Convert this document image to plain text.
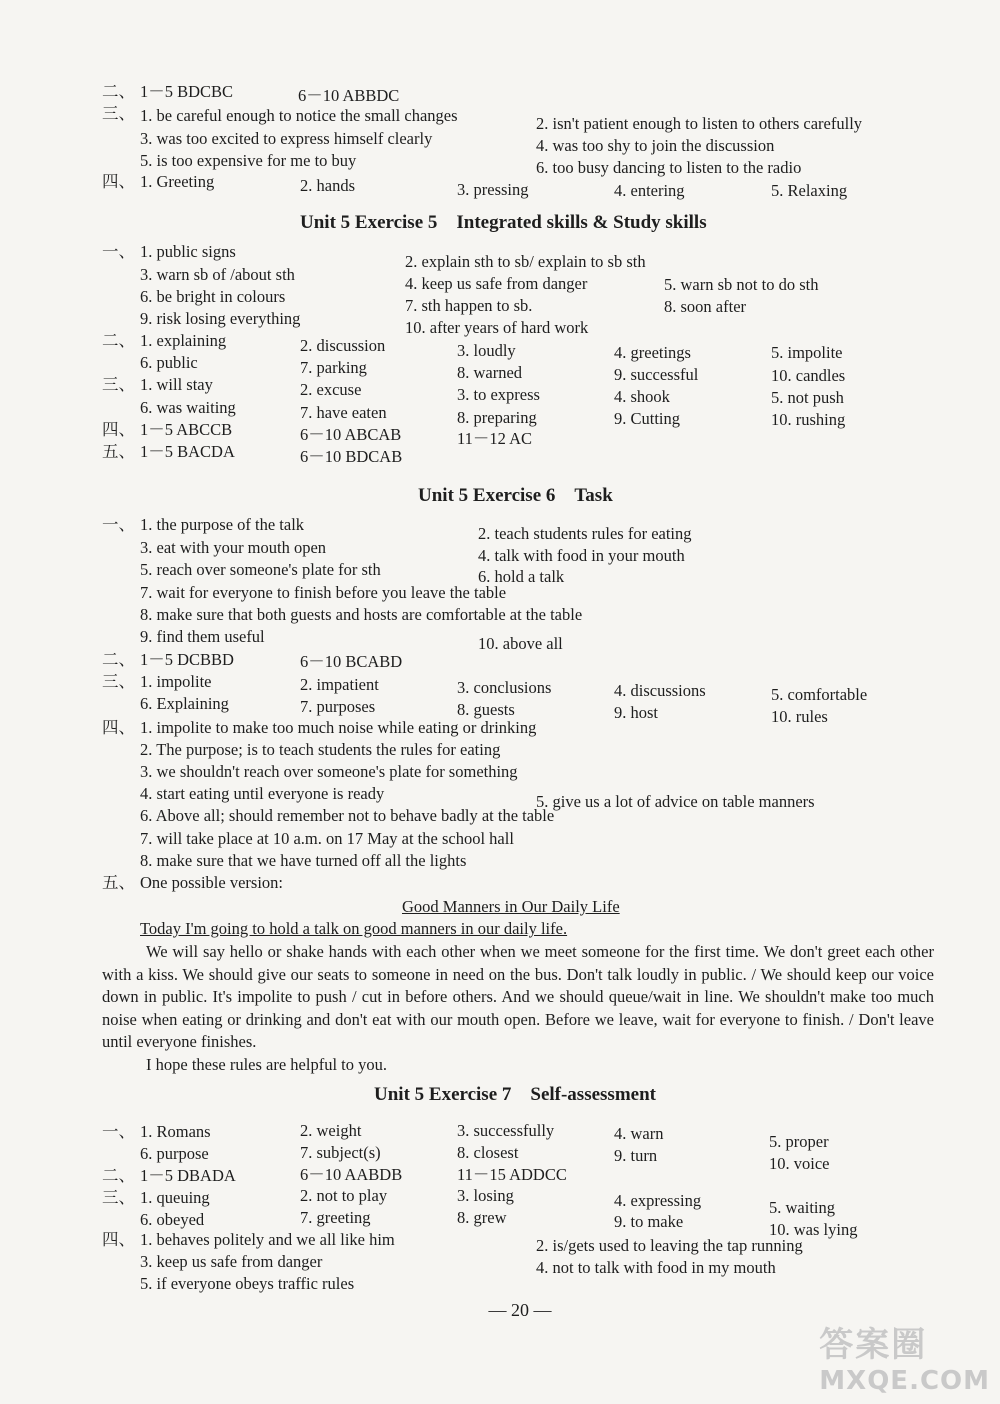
二、 1－5 BDCBC	6－10 ABBDC
三、 1. be careful enough to notice the small changes	2. isn't patient enough to listen to others carefully
3. was too excited to express himself clearly	4. was too shy to join the discussion
5. is too expensive for me to buy	6. too busy dancing to listen to the radio
四、 1. Greeting	2. hands	3. pressing	4. entering	5. Relaxing
Unit 5 Exercise 5　Integrated skills & Study skills
一、 1. public signs
2. explain sth to sb/ explain to sb sth
3. warn sb of /about sth	4. keep us safe from danger	5. warn sb not to do sth
6. be bright in colours	7. sth happen to sb.	8. soon after
9. risk losing everything	10. after years of hard work
二、 1. explaining	2. discussion	3. loudly	4. greetings	5. impolite
6. public	7. parking	8. warned	9. successful	10. candles
三、 1. will stay	2. excuse	3. to express	4. shook	5. not push
6. was waiting	7. have eaten	8. preparing	9. Cutting	10. rushing
四、 1－5 ABCCB	6－10 ABCAB	11－12 AC
五、 1－5 BACDA	6－10 BDCAB
Unit 5 Exercise 6　Task
一、 1. the purpose of the talk	2. teach students rules for eating
3. eat with your mouth open	4. talk with food in your mouth
5. reach over someone's plate for sth	6. hold a talk
7. wait for everyone to finish before you leave the table
8. make sure that both guests and hosts are comfortable at the table
9. find them useful	10. above all
二、 1－5 DCBBD	6－10 BCABD
三、 1. impolite	2. impatient	3. conclusions	4. discussions	5. comfortable
6. Explaining	7. purposes	8. guests	9. host	10. rules
四、 1. impolite to make too much noise while eating or drinking
2. The purpose; is to teach students the rules for eating
3. we shouldn't reach over someone's plate for something
4. start eating until everyone is ready	5. give us a lot of advice on table manners
6. Above all; should remember not to behave badly at the table
7. will take place at 10 a.m. on 17 May at the school hall
8. make sure that we have turned off all the lights
五、 One possible version:
Good Manners in Our Daily Life
Today I'm going to hold a talk on good manners in our daily life.

We will say hello or shake hands with each other when we meet someone for the first time. We don't greet each other with a kiss. We should give our seats to someone in need on the bus. Don't talk loudly in public. / We should keep our voice down in public. It's impolite to push / cut in before others. And we should queue/wait in line. We shouldn't make too much noise when eating or drinking and don't eat with our mouth open. Before we leave, wait for everyone to finish. / Don't leave until everyone finishes.

I hope these rules are helpful to you.

Unit 5 Exercise 7　Self-assessment
一、 1. Romans	2. weight	3. successfully	4. warn	5. proper
6. purpose	7. subject(s)	8. closest	9. turn	10. voice
二、 1－5 DBADA	6－10 AABDB	11－15 ADDCC
三、 1. queuing	2. not to play	3. losing	4. expressing	5. waiting
6. obeyed	7. greeting	8. grew	9. to make	10. was lying
四、 1. behaves politely and we all like him	2. is/gets used to leaving the tap running
3. keep us safe from danger	4. not to talk with food in my mouth
5. if everyone obeys traffic rules
— 20 —
答案圈
MXQE.COM
